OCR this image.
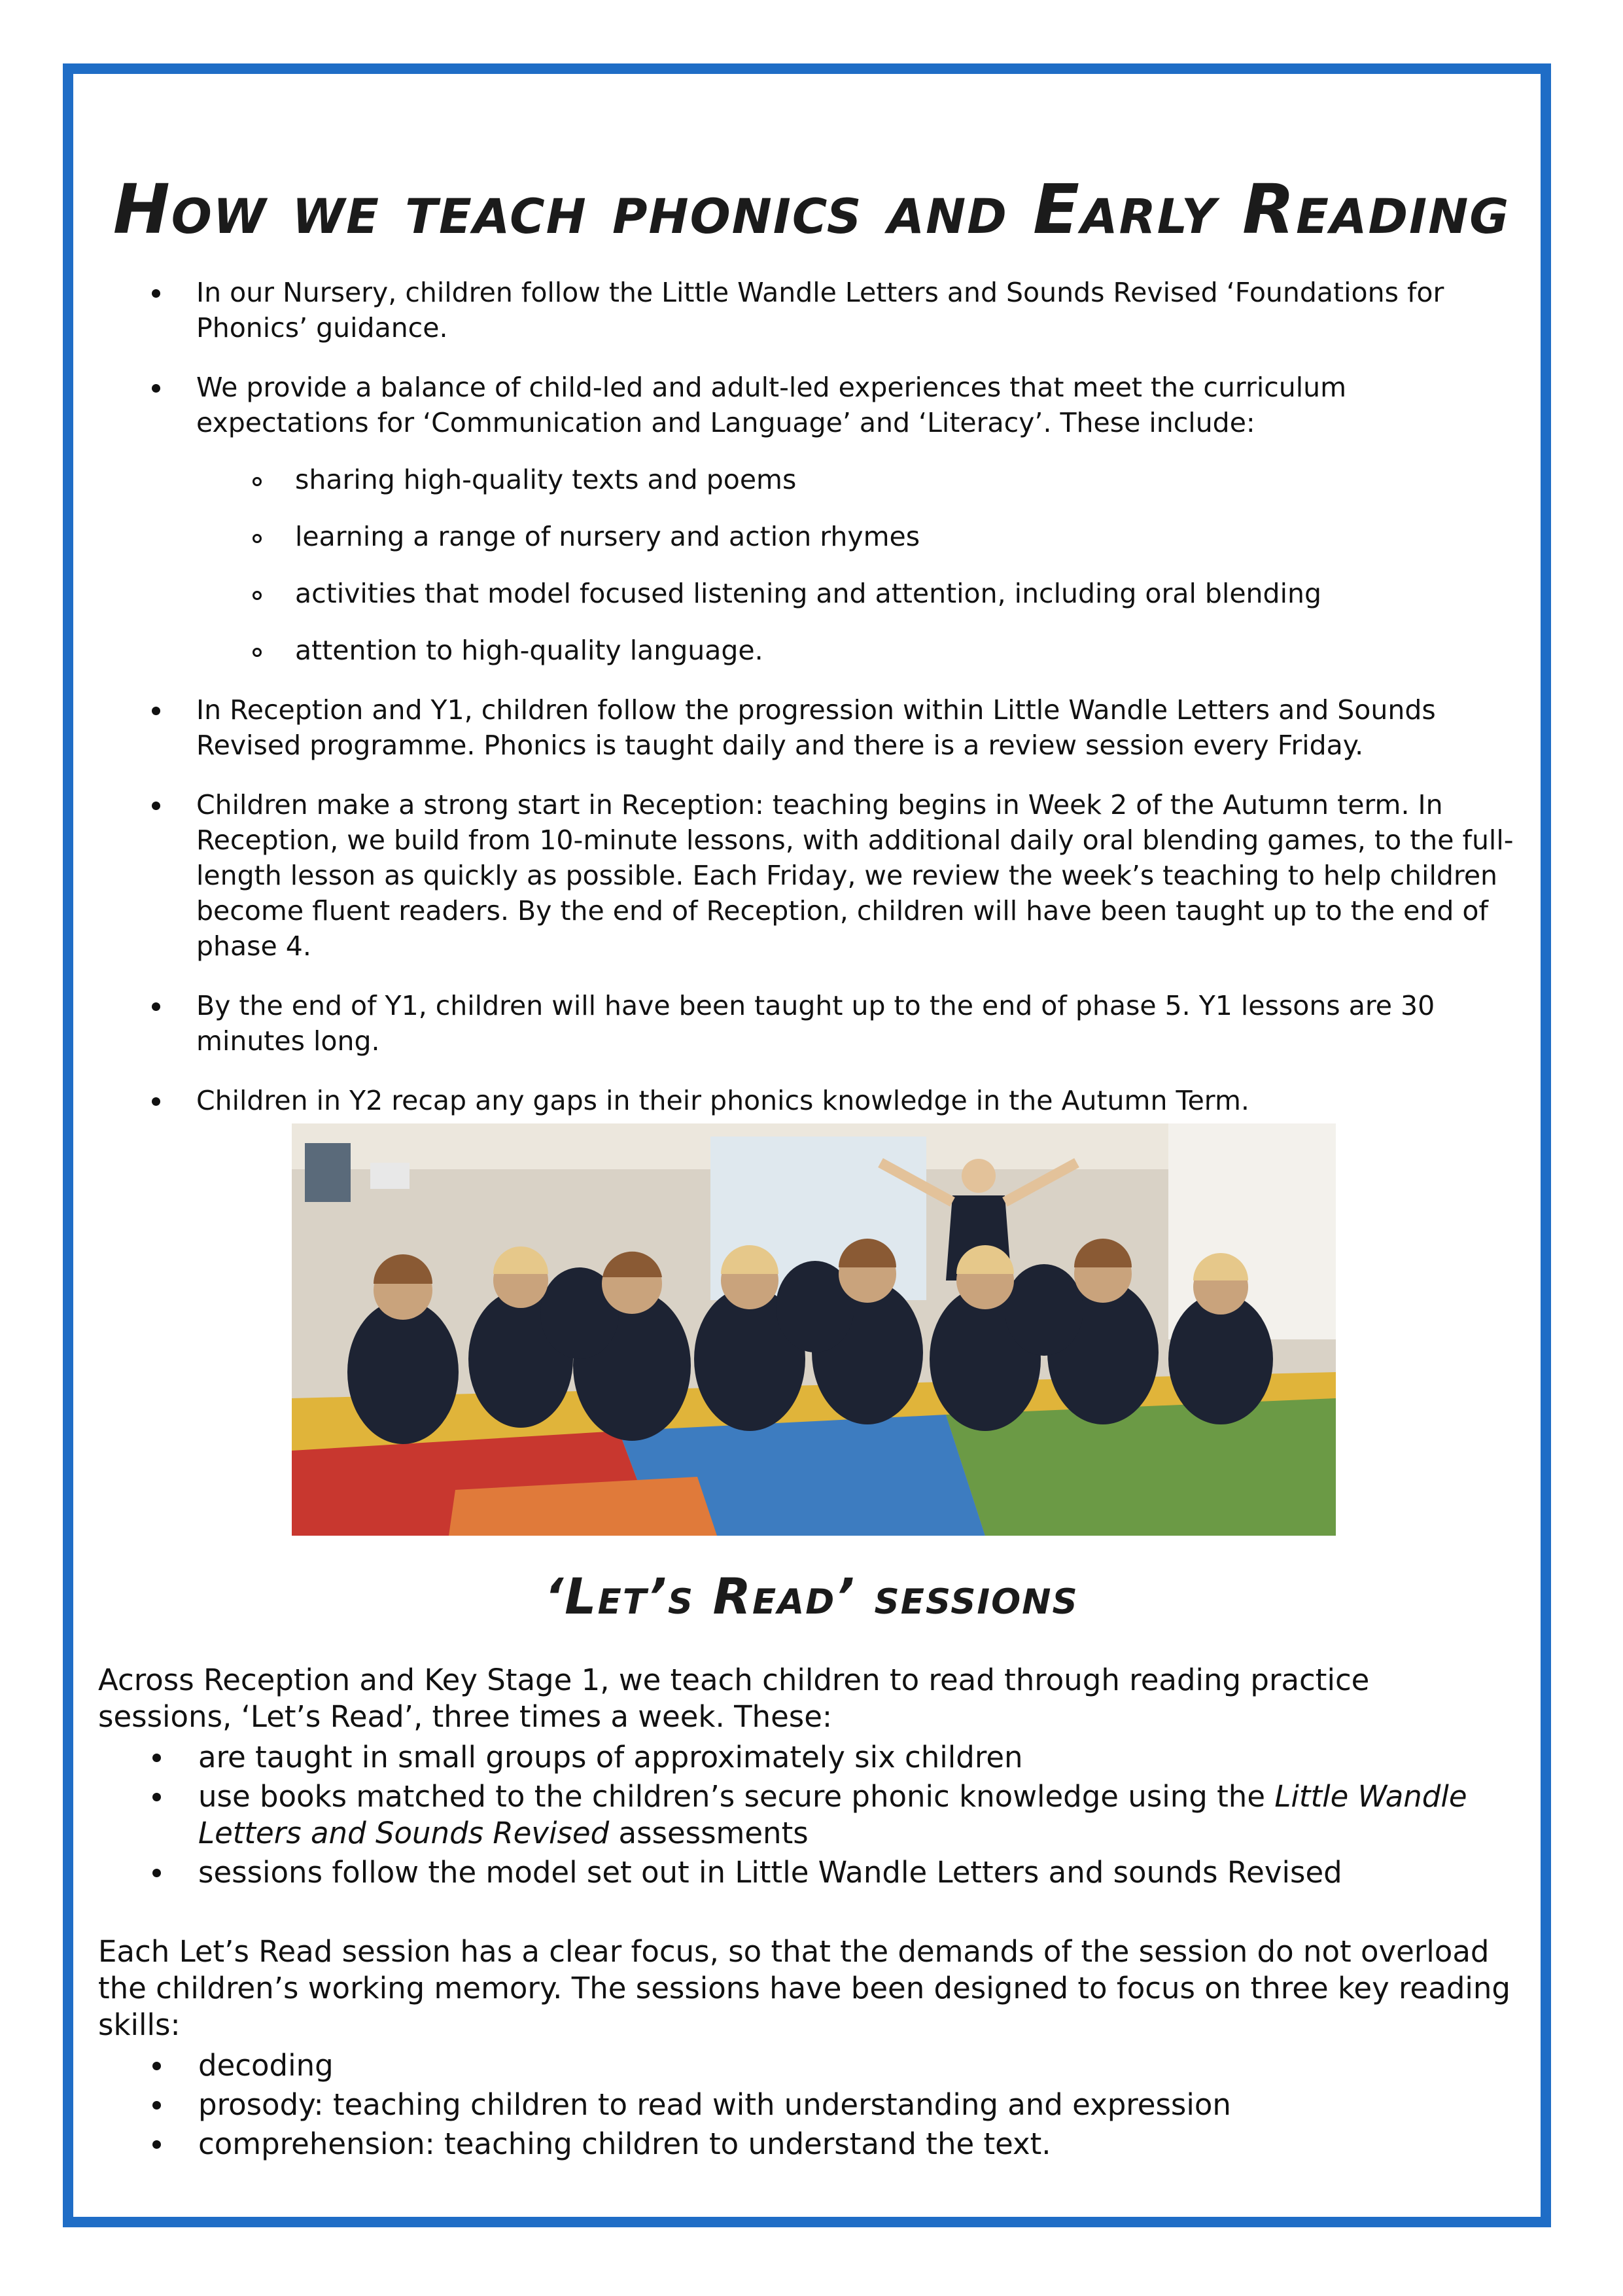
How we teach phonics and Early Reading
In our Nursery, children follow the Little Wandle Letters and Sounds Revised ‘Foundations for Phonics’ guidance.
We provide a balance of child-led and adult-led experiences that meet the curriculum expectations for ‘Communication and Language’ and ‘Literacy’. These include:
sharing high-quality texts and poems
learning a range of nursery and action rhymes
activities that model focused listening and attention, including oral blending
attention to high-quality language.
In Reception and Y1, children follow the progression within Little Wandle Letters and Sounds Revised programme. Phonics is taught daily and there is a review session every Friday.
Children make a strong start in Reception: teaching begins in Week 2 of the Autumn term. In Reception, we build from 10-minute lessons, with additional daily oral blending games, to the full-length lesson as quickly as possible. Each Friday, we review the week’s teaching to help children become fluent readers. By the end of Reception, children will have been taught up to the end of phase 4.
By the end of Y1, children will have been taught up to the end of phase 5. Y1 lessons are 30 minutes long.
Children in Y2 recap any gaps in their phonics knowledge in the Autumn Term.
‘Let’s Read’ sessions

Across Reception and Key Stage 1, we teach children to read through reading practice sessions, ‘Let’s Read’, three times a week. These:

are taught in small groups of approximately six children
use books matched to the children’s secure phonic knowledge using the Little Wandle Letters and Sounds Revised assessments
sessions follow the model set out in Little Wandle Letters and sounds Revised

Each Let’s Read session has a clear focus, so that the demands of the session do not overload the children’s working memory. The sessions have been designed to focus on three key reading skills:

decoding
prosody: teaching children to read with understanding and expression
comprehension: teaching children to understand the text.
